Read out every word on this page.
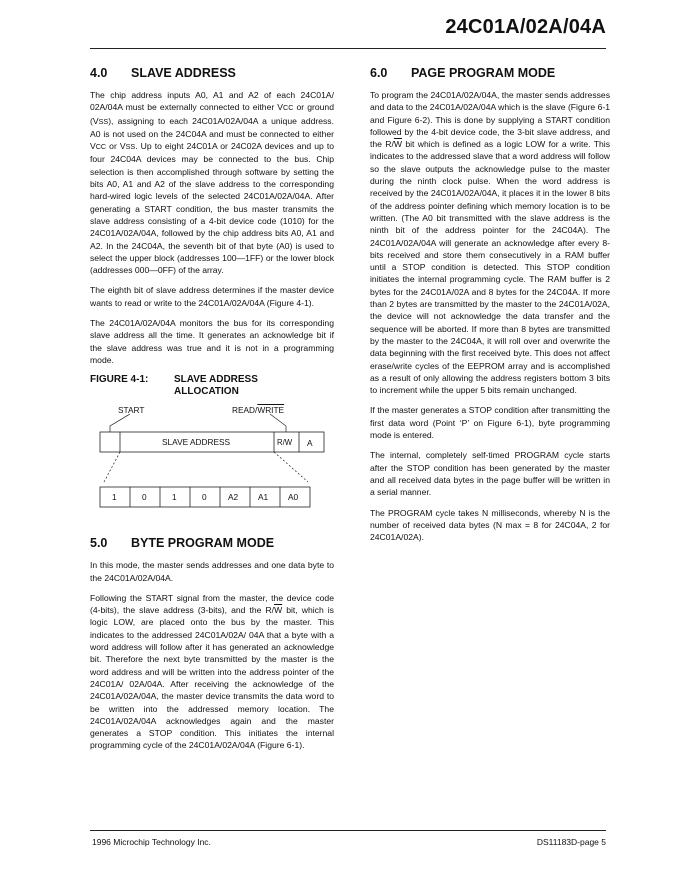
24C01A/02A/04A
4.0	SLAVE ADDRESS

The chip address inputs A0, A1 and A2 of each 24C01A/ 02A/04A must be externally connected to either VCC or ground (VSS), assigning to each 24C01A/02A/04A a unique address. A0 is not used on the 24C04A and must be connected to either VCC or VSS. Up to eight 24C01A or 24C02A devices and up to four 24C04A devices may be connected to the bus. Chip selection is then accomplished through software by setting the bits A0, A1 and A2 of the slave address to the corresponding hard-wired logic levels of the selected 24C01A/02A/04A. After generating a START condition, the bus master transmits the slave address consisting of a 4-bit device code (1010) for the 24C01A/02A/04A, followed by the chip address bits A0, A1 and A2. In the 24C04A, the seventh bit of that byte (A0) is used to select the upper block (addresses 100—1FF) or the lower block (addresses 000—0FF) of the array.

The eighth bit of slave address determines if the master device wants to read or write to the 24C01A/02A/04A (Figure 4-1).

The 24C01A/02A/04A monitors the bus for its corresponding slave address all the time. It generates an acknowledge bit if the slave address was true and it is not in a programming mode.

FIGURE 4-1:	SLAVE ADDRESS
ALLOCATION
START	READ/WRITE
SLAVE ADDRESS	R/W A
1	0	1	0	A2 A1 A0
5.0	BYTE PROGRAM MODE

In this mode, the master sends addresses and one data byte to the 24C01A/02A/04A.

Following the START signal from the master, the device code (4-bits), the slave address (3-bits), and the $R/\overline{W}$ bit, which is logic LOW, are placed onto the bus by the master. This indicates to the addressed 24C01A/02A/ 04A that a byte with a word address will follow after it has generated an acknowledge bit. Therefore the next byte transmitted by the master is the word address and will be written into the address pointer of the 24C01A/ 02A/04A. After receiving the acknowledge of the 24C01A/02A/04A, the master device transmits the data word to be written into the addressed memory location. The 24C01A/02A/04A acknowledges again and the master generates a STOP condition. This initiates the internal programming cycle of the 24C01A/02A/04A (Figure 6-1).

6.0	PAGE PROGRAM MODE

To program the 24C01A/02A/04A, the master sends addresses and data to the 24C01A/02A/04A which is the slave (Figure 6-1 and Figure 6-2). This is done by supplying a START condition followed by the 4-bit device code, the 3-bit slave address, and the $R/\overline{W}$ bit which is defined as a logic LOW for a write. This indicates to the addressed slave that a word address will follow so the slave outputs the acknowledge pulse to the master during the ninth clock pulse. When the word address is received by the 24C01A/02A/04A, it places it in the lower 8 bits of the address pointer defining which memory location is to be written. (The A0 bit transmitted with the slave address is the ninth bit of the address pointer for the 24C04A). The 24C01A/02A/04A will generate an acknowledge after every 8-bits received and store them consecutively in a RAM buffer until a STOP condition is detected. This STOP condition initiates the internal programming cycle. The RAM buffer is 2 bytes for the 24C01A/02A and 8 bytes for the 24C04A. If more than 2 bytes are transmitted by the master to the 24C01A/02A, the device will not acknowledge the data transfer and the sequence will be aborted. If more than 8 bytes are transmitted by the master to the 24C04A, it will roll over and overwrite the data beginning with the first received byte. This does not affect erase/write cycles of the EEPROM array and is accomplished as a result of only allowing the address registers bottom 3 bits to increment while the upper 5 bits remain unchanged.

If the master generates a STOP condition after transmitting the first data word (Point ‘P’ on Figure 6-1), byte programming mode is entered.

The internal, completely self-timed PROGRAM cycle starts after the STOP condition has been generated by the master and all received data bytes in the page buffer will be written in a serial manner.

The PROGRAM cycle takes N milliseconds, whereby N is the number of received data bytes (N max = 8 for 24C04A, 2 for 24C01A/02A).

1996 Microchip Technology Inc.	DS11183D-page 5
